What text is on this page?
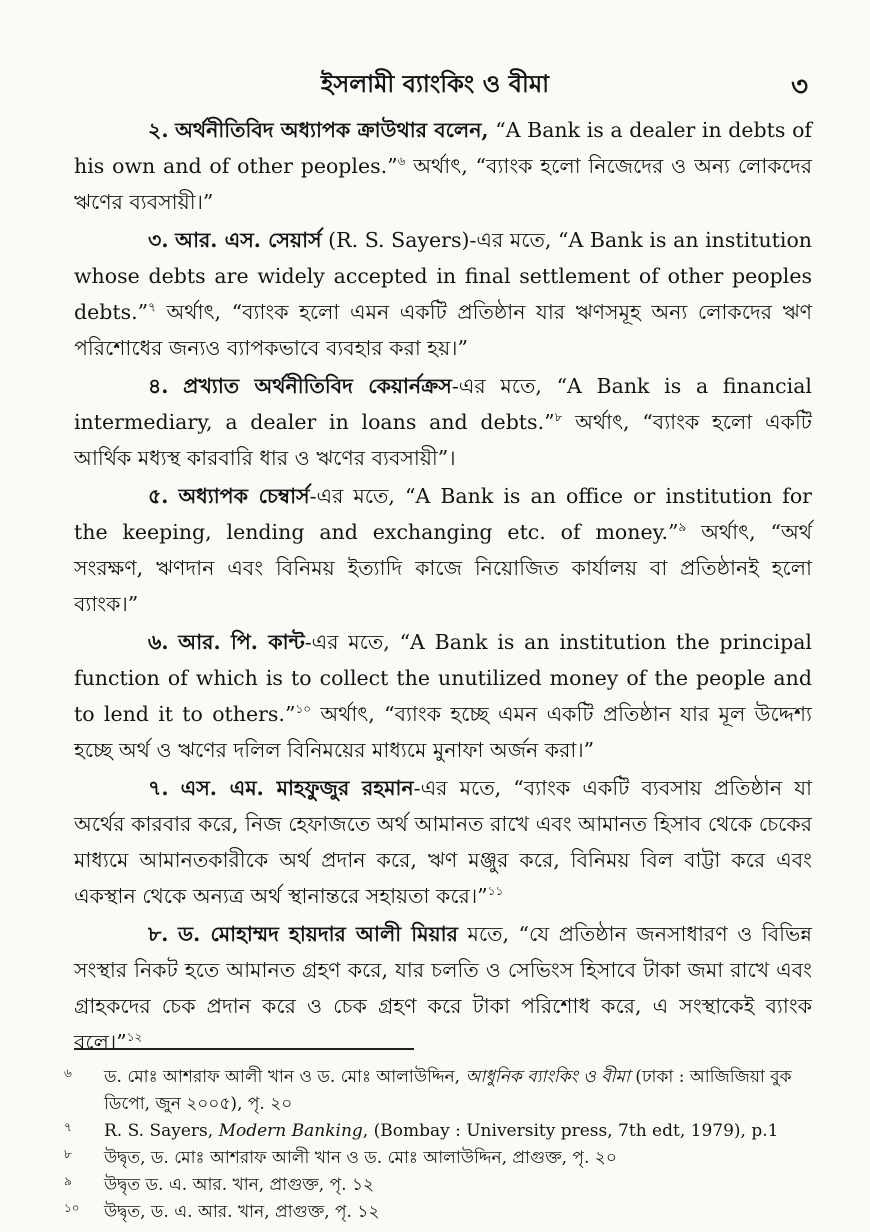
ইসলামী ব্যাংকিং ও বীমা	৩

২. অর্থনীতিবিদ অধ্যাপক ক্রাউথার বলেন, “A Bank is a dealer in debts of his own and of other peoples.”$^৬$ অর্থাৎ, “ব্যাংক হলো নিজেদের ও অন্য লোকদের ঋণের ব্যবসায়ী।”

৩. আর. এস. সেয়ার্স (R. S. Sayers)-এর মতে, “A Bank is an institution whose debts are widely accepted in final settlement of other peoples debts.”$^৭$ অর্থাৎ, “ব্যাংক হলো এমন একটি প্রতিষ্ঠান যার ঋণসমূহ অন্য লোকদের ঋণ পরিশোধের জন্যও ব্যাপকভাবে ব্যবহার করা হয়।”

৪. প্রখ্যাত অর্থনীতিবিদ কেয়ার্নক্রস-এর মতে, “A Bank is a financial intermediary, a dealer in loans and debts.”$^৮$ অর্থাৎ, “ব্যাংক হলো একটি আর্থিক মধ্যস্থ কারবারি ধার ও ঋণের ব্যবসায়ী”।

৫. অধ্যাপক চেম্বার্স-এর মতে, “A Bank is an office or institution for the keeping, lending and exchanging etc. of money.”$^৯$ অর্থাৎ, “অর্থ সংরক্ষণ, ঋণদান এবং বিনিময় ইত্যাদি কাজে নিয়োজিত কার্যালয় বা প্রতিষ্ঠানই হলো ব্যাংক।”

৬. আর. পি. কান্ট-এর মতে, “A Bank is an institution the principal function of which is to collect the unutilized money of the people and to lend it to others.”$^{১০}$ অর্থাৎ, “ব্যাংক হচ্ছে এমন একটি প্রতিষ্ঠান যার মূল উদ্দেশ্য হচ্ছে অর্থ ও ঋণের দলিল বিনিময়ের মাধ্যমে মুনাফা অর্জন করা।”

৭. এস. এম. মাহফুজুর রহমান-এর মতে, “ব্যাংক একটি ব্যবসায় প্রতিষ্ঠান যা অর্থের কারবার করে, নিজ হেফাজতে অর্থ আমানত রাখে এবং আমানত হিসাব থেকে চেকের মাধ্যমে আমানতকারীকে অর্থ প্রদান করে, ঋণ মঞ্জুর করে, বিনিময় বিল বাট্টা করে এবং একস্থান থেকে অন্যত্র অর্থ স্থানান্তরে সহায়তা করে।”$^{১১}$

৮. ড. মোহাম্মদ হায়দার আলী মিয়ার মতে, “যে প্রতিষ্ঠান জনসাধারণ ও বিভিন্ন সংস্থার নিকট হতে আমানত গ্রহণ করে, যার চলতি ও সেভিংস হিসাবে টাকা জমা রাখে এবং গ্রাহকদের চেক প্রদান করে ও চেক গ্রহণ করে টাকা পরিশোধ করে, এ সংস্থাকেই ব্যাংক বলে।”$^{১২}$

৬ ড. মোঃ আশরাফ আলী খান ও ড. মোঃ আলাউদ্দিন, আধুনিক ব্যাংকিং ও বীমা (ঢাকা : আজিজিয়া বুক ডিপো, জুন ২০০৫), পৃ. ২০

৭ R. S. Sayers, Modern Banking, (Bombay : University press, 7th edt, 1979), p.1

৮ উদ্বৃত, ড. মোঃ আশরাফ আলী খান ও ড. মোঃ আলাউদ্দিন, প্রাগুক্ত, পৃ. ২০

৯ উদ্বৃত ড. এ. আর. খান, প্রাগুক্ত, পৃ. ১২

১০ উদ্বৃত, ড. এ. আর. খান, প্রাগুক্ত, পৃ. ১২
